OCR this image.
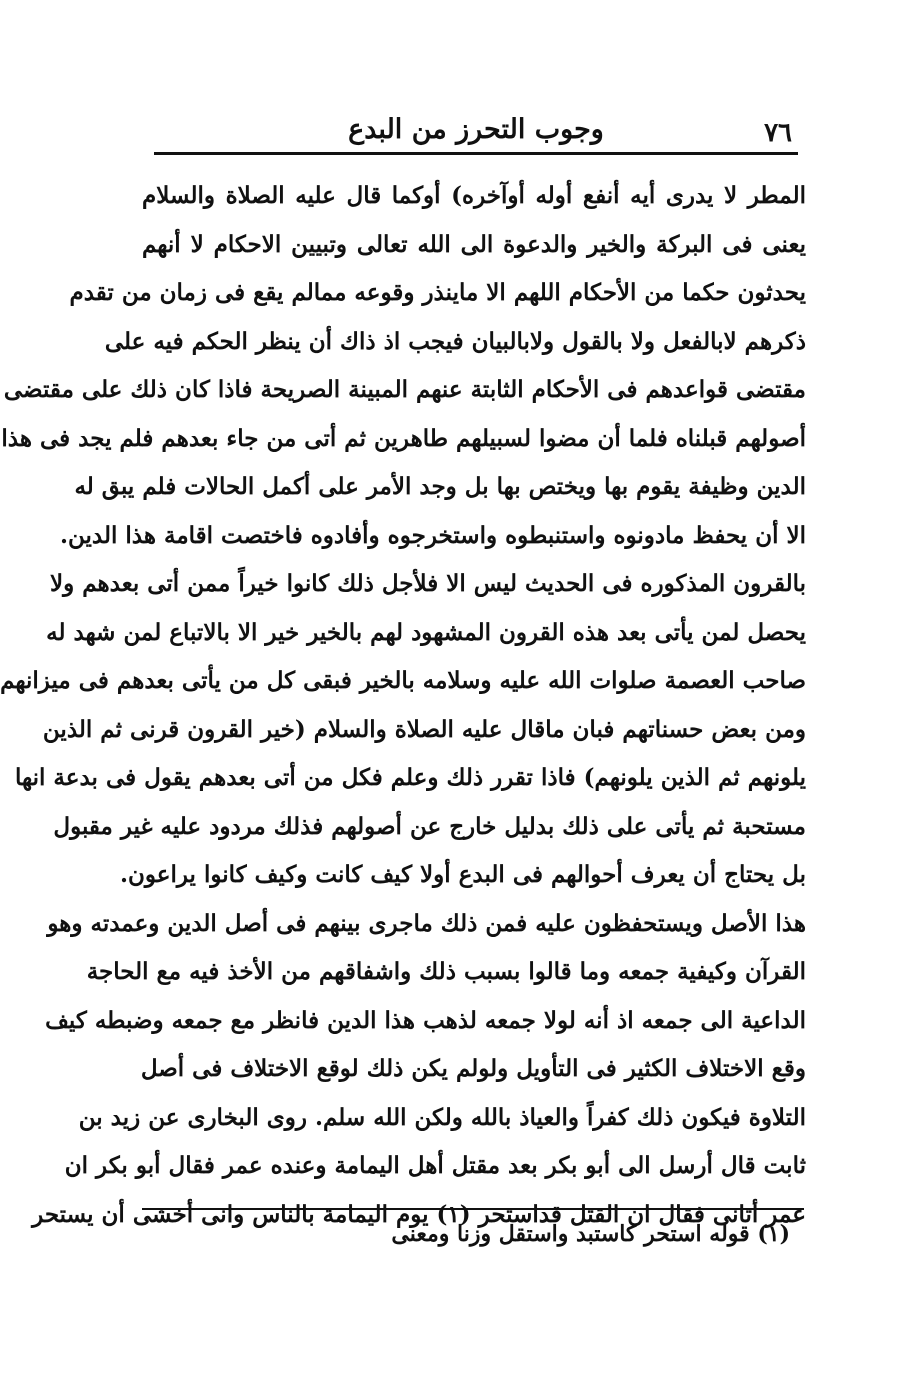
٧٦
وجوب التحرز من البدع
المطر لا يدرى أيه أنفع أوله أوآخره) أوكما قال عليه الصلاة والسلام
يعنى فى البركة والخير والدعوة الى الله تعالى وتبيين الاحكام لا أنهم
يحدثون حكما من الأحكام اللهم الا ماينذر وقوعه ممالم يقع فى زمان من تقدم
ذكرهم لابالفعل ولا بالقول ولابالبيان فيجب اذ ذاك أن ينظر الحكم فيه على
مقتضى قواعدهم فى الأحكام الثابتة عنهم المبينة الصريحة فاذا كان ذلك على مقتضى
أصولهم قبلناه فلما أن مضوا لسبيلهم طاهرين ثم أتى من جاء بعدهم فلم يجد فى هذا
الدين وظيفة يقوم بها ويختص بها بل وجد الأمر على أكمل الحالات فلم يبق له
الا أن يحفظ مادونوه واستنبطوه واستخرجوه وأفادوه فاختصت اقامة هذا الدين.
بالقرون المذكوره فى الحديث ليس الا فلأجل ذلك كانوا خيراً ممن أتى بعدهم ولا
يحصل لمن يأتى بعد هذه القرون المشهود لهم بالخير خير الا بالاتباع لمن شهد له
صاحب العصمة صلوات الله عليه وسلامه بالخير فبقى كل من يأتى بعدهم فى ميزانهم
ومن بعض حسناتهم فبان ماقال عليه الصلاة والسلام (خير القرون قرنى ثم الذين
يلونهم ثم الذين يلونهم) فاذا تقرر ذلك وعلم فكل من أتى بعدهم يقول فى بدعة انها
مستحبة ثم يأتى على ذلك بدليل خارج عن أصولهم فذلك مردود عليه غير مقبول
بل يحتاج أن يعرف أحوالهم فى البدع أولا كيف كانت وكيف كانوا يراعون.
هذا الأصل ويستحفظون عليه فمن ذلك ماجرى بينهم فى أصل الدين وعمدته وهو
القرآن وكيفية جمعه وما قالوا بسبب ذلك واشفاقهم من الأخذ فيه مع الحاجة
الداعية الى جمعه اذ أنه لولا جمعه لذهب هذا الدين فانظر مع جمعه وضبطه كيف
وقع الاختلاف الكثير فى التأويل ولولم يكن ذلك لوقع الاختلاف فى أصل
التلاوة فيكون ذلك كفراً والعياذ بالله ولكن الله سلم. روى البخارى عن زيد بن
ثابت قال أرسل الى أبو بكر بعد مقتل أهل اليمامة وعنده عمر فقال أبو بكر ان
عمر أتانى فقال ان القتل قداستحر (١) يوم اليمامة بالناس وانى أخشى أن يستحر
(١) قوله استحر كاستبد واستقل وزنا ومعنى
